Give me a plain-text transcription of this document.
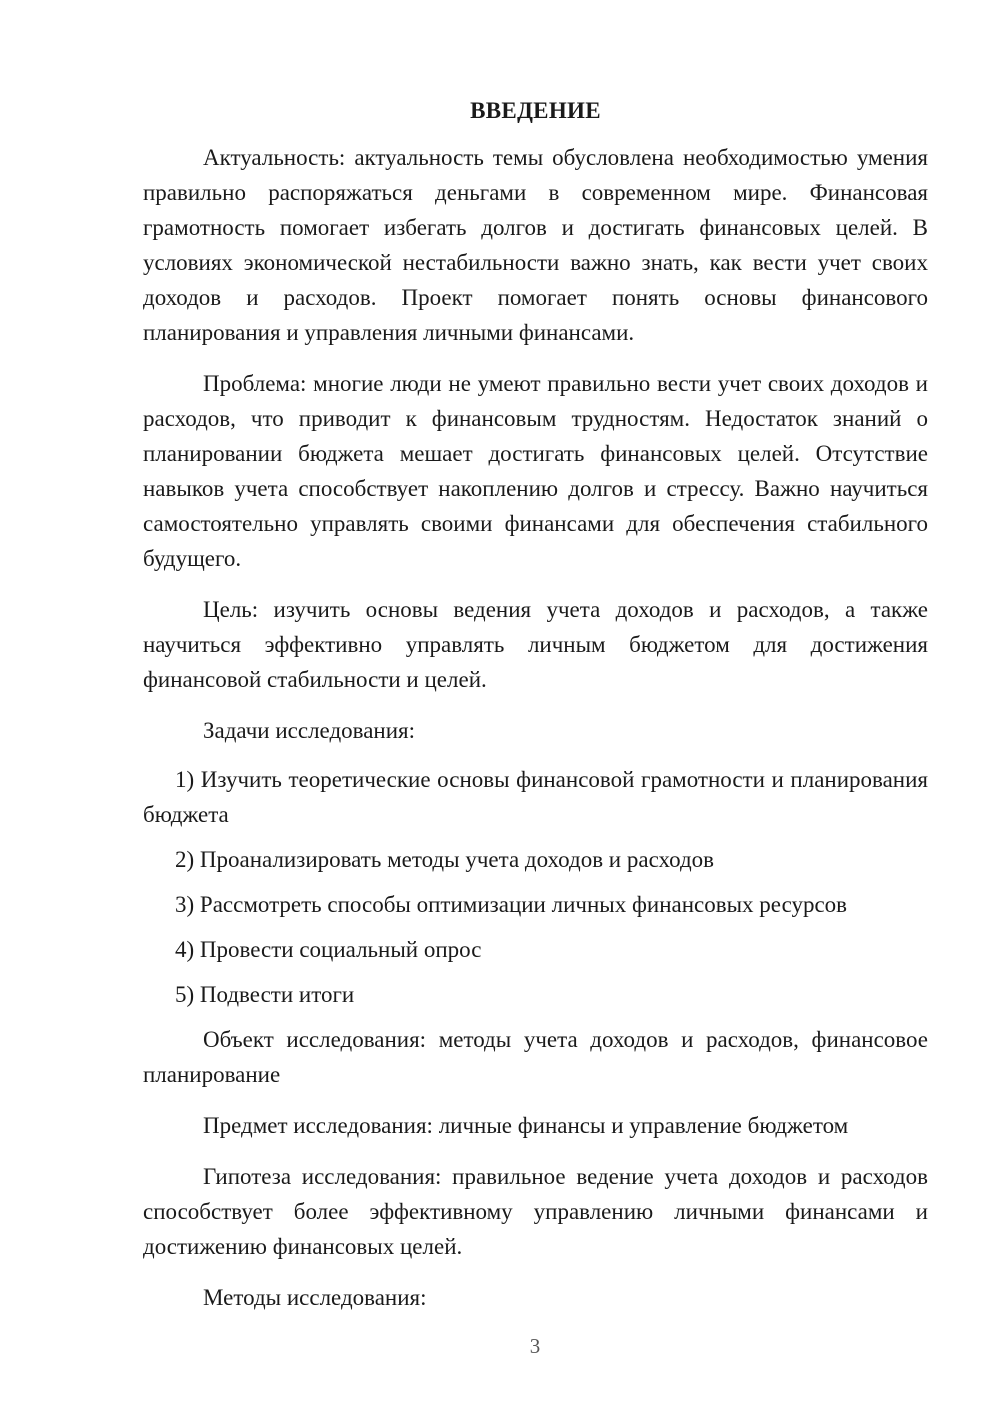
ВВЕДЕНИЕ

Актуальность: актуальность темы обусловлена необходимостью умения правильно распоряжаться деньгами в современном мире. Финансовая грамотность помогает избегать долгов и достигать финансовых целей. В условиях экономической нестабильности важно знать, как вести учет своих доходов и расходов. Проект помогает понять основы финансового планирования и управления личными финансами.

Проблема: многие люди не умеют правильно вести учет своих доходов и расходов, что приводит к финансовым трудностям. Недостаток знаний о планировании бюджета мешает достигать финансовых целей. Отсутствие навыков учета способствует накоплению долгов и стрессу. Важно научиться самостоятельно управлять своими финансами для обеспечения стабильного будущего.

Цель: изучить основы ведения учета доходов и расходов, а также научиться эффективно управлять личным бюджетом для достижения финансовой стабильности и целей.

Задачи исследования:

1) Изучить теоретические основы финансовой грамотности и планирования бюджета

2) Проанализировать методы учета доходов и расходов

3) Рассмотреть способы оптимизации личных финансовых ресурсов

4) Провести социальный опрос

5) Подвести итоги

Объект исследования: методы учета доходов и расходов, финансовое планирование

Предмет исследования: личные финансы и управление бюджетом

Гипотеза исследования: правильное ведение учета доходов и расходов способствует более эффективному управлению личными финансами и достижению финансовых целей.

Методы исследования:

3
